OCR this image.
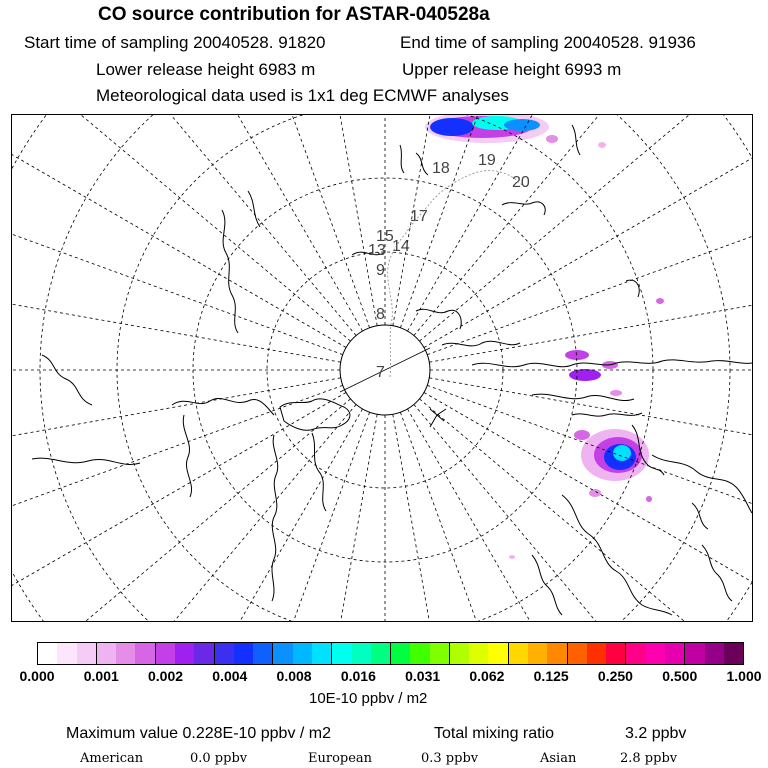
CO source contribution for ASTAR-040528a
Start time of sampling 20040528. 91820	End time of sampling 20040528. 91936
Lower release height 6983 m	Upper release height 6993 m
Meteorological data used is 1x1 deg ECMWF analyses
18 19
20
17
15
14
13
9
8
7
0.000 0.001 0.002 0.004 0.008 0.016 0.031 0.062 0.125 0.250 0.500 1.000
10E-10 ppbv / m2
Maximum value 0.228E-10 ppbv / m2	Total mixing ratio	3.2 ppbv
American	0.0 ppbv	European	0.3 ppbv	Asian	2.8 ppbv
